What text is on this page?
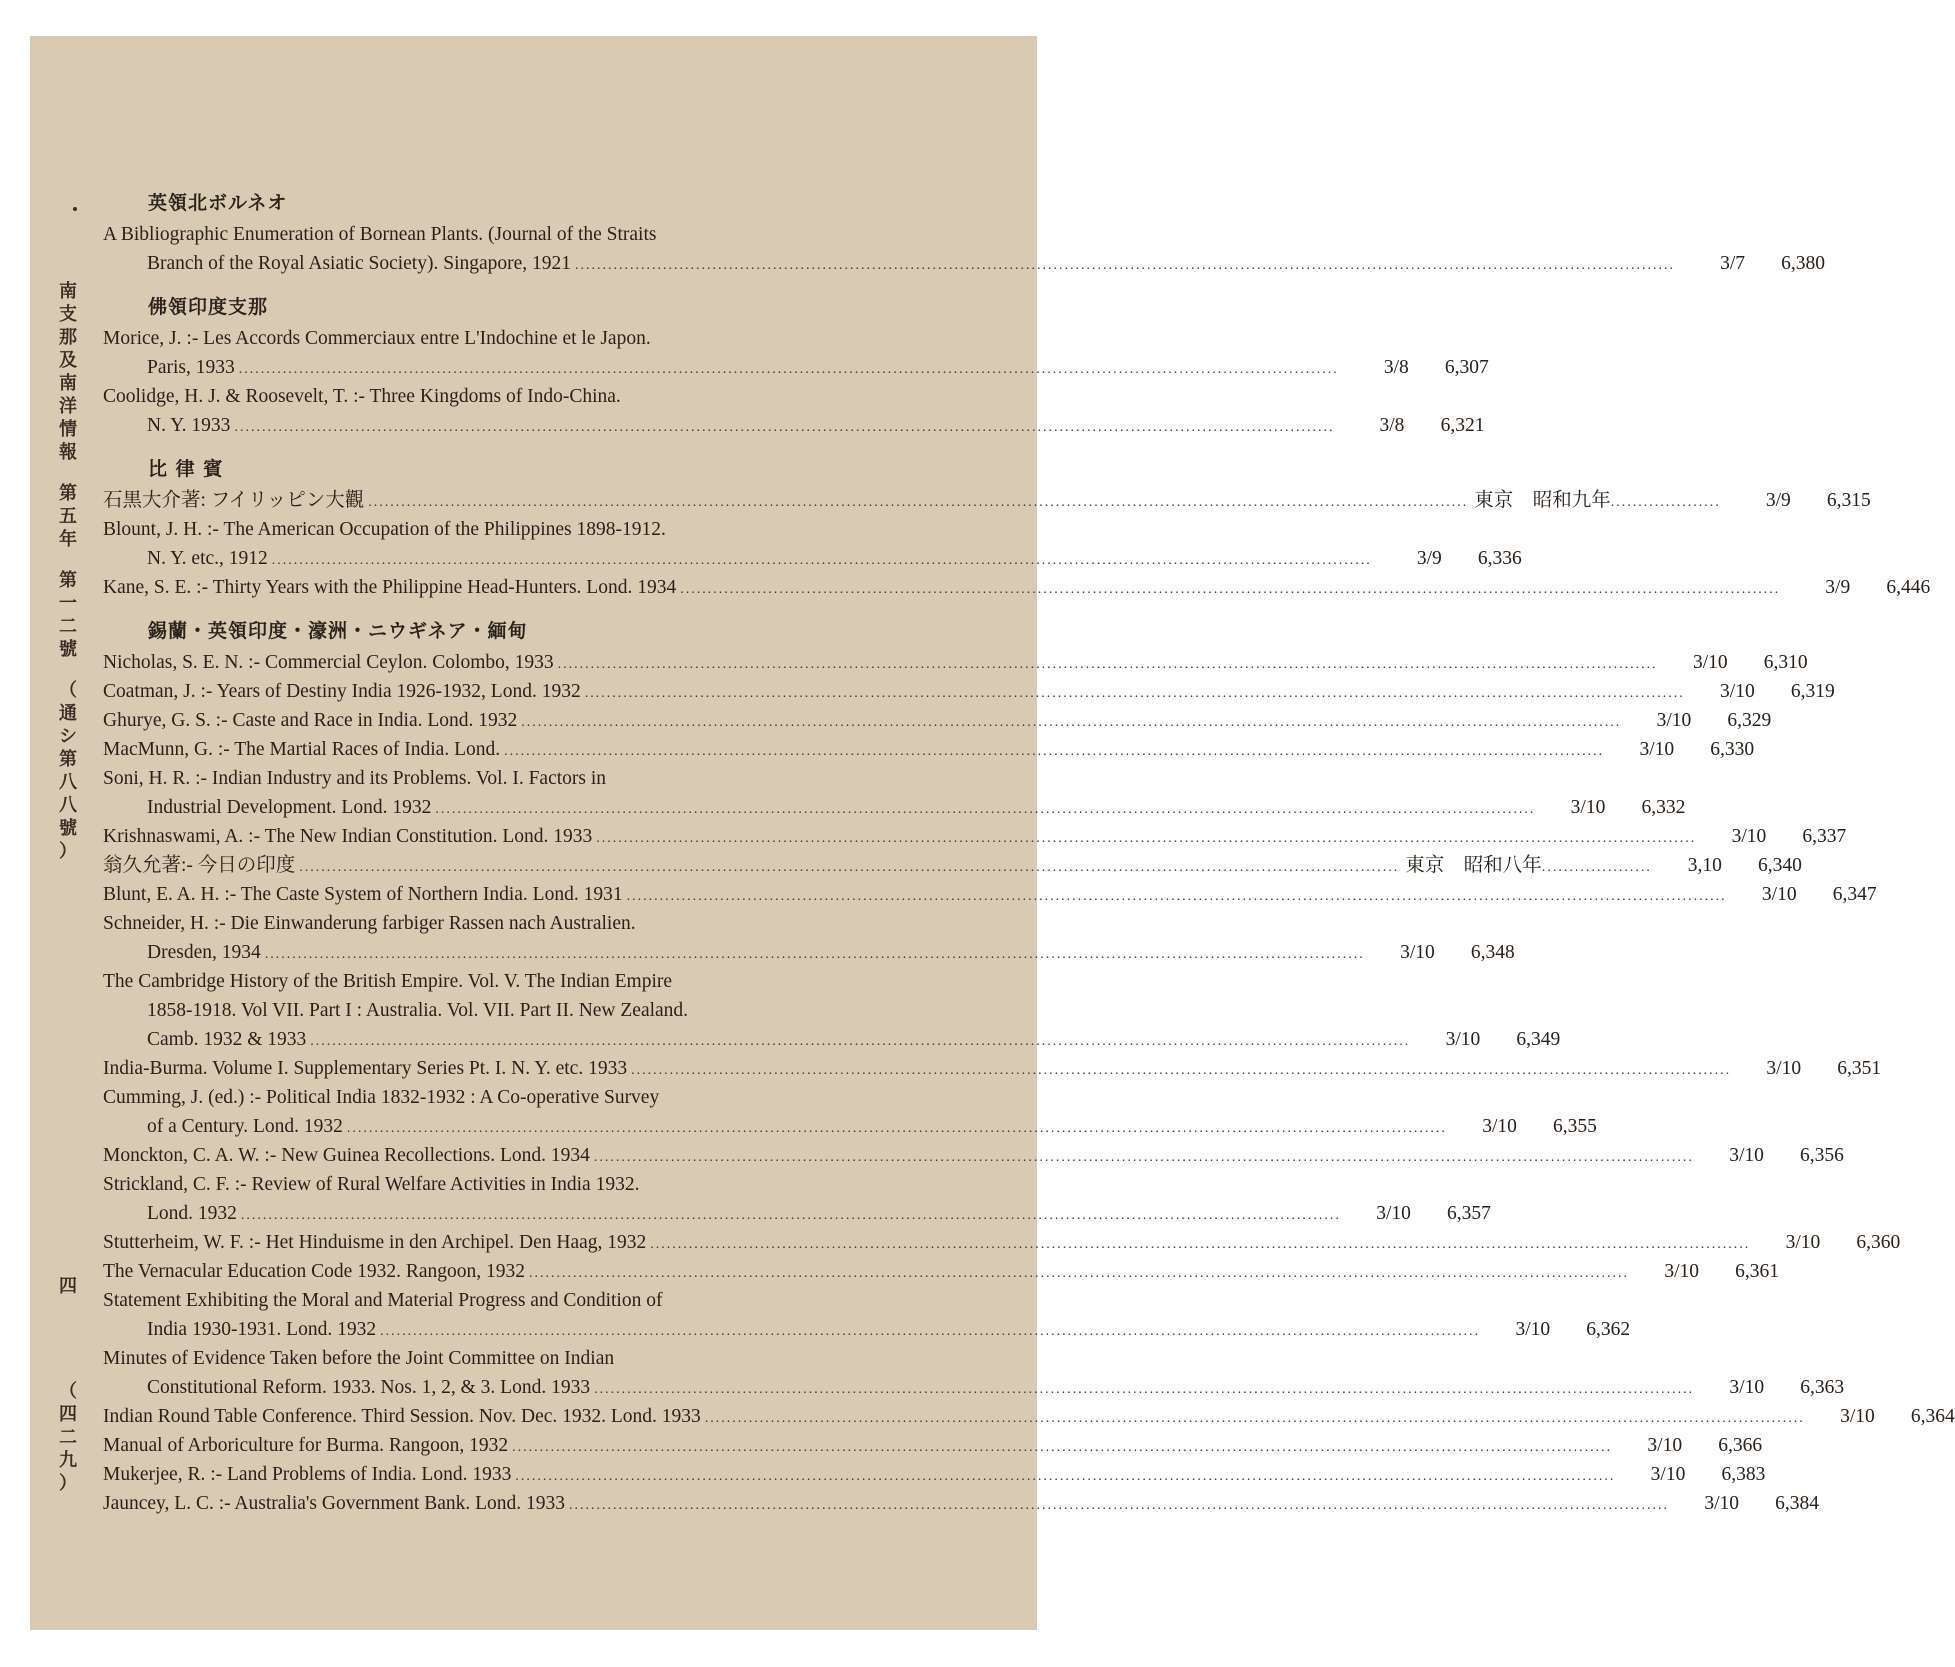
南
支
那
及
南
洋
情
報
第
五
年
第
一
二
號
（
通
シ
第
八
八
號
）
四
（
四
二
九
）
英領北ボルネオ
A Bibliographic Enumeration of Bornean Plants. (Journal of the Straits
Branch of the Royal Asiatic Society). Singapore, 1921 ........................................................................................................................................................................................................	3/7	6,380
佛領印度支那
Morice, J. :- Les Accords Commerciaux entre L'Indochine et le Japon.
Paris, 1933 ........................................................................................................................................................................................................	3/8	6,307
Coolidge, H. J. & Roosevelt, T. :- Three Kingdoms of Indo-China.
N. Y. 1933 ........................................................................................................................................................................................................	3/8	6,321
比 律 賓
石黒大介著: フイリッピン大觀 ........................................................................................................................................................................................................ 東京　昭和九年 ....................	3/9	6,315
Blount, J. H. :- The American Occupation of the Philippines 1898-1912.
N. Y. etc., 1912 ........................................................................................................................................................................................................	3/9	6,336
Kane, S. E. :- Thirty Years with the Philippine Head-Hunters. Lond. 1934 ........................................................................................................................................................................................................	3/9	6,446
錫蘭・英領印度・濠洲・ニウギネア・緬甸
Nicholas, S. E. N. :- Commercial Ceylon. Colombo, 1933 ........................................................................................................................................................................................................	3/10	6,310
Coatman, J. :- Years of Destiny India 1926-1932, Lond. 1932 ........................................................................................................................................................................................................	3/10	6,319
Ghurye, G. S. :- Caste and Race in India. Lond. 1932 ........................................................................................................................................................................................................	3/10	6,329
MacMunn, G. :- The Martial Races of India. Lond. ........................................................................................................................................................................................................	3/10	6,330
Soni, H. R. :- Indian Industry and its Problems. Vol. I. Factors in
Industrial Development. Lond. 1932 ........................................................................................................................................................................................................	3/10	6,332
Krishnaswami, A. :- The New Indian Constitution. Lond. 1933 ........................................................................................................................................................................................................	3/10	6,337
翁久允著:- 今日の印度 ........................................................................................................................................................................................................ 東京　昭和八年 ....................	3,10	6,340
Blunt, E. A. H. :- The Caste System of Northern India. Lond. 1931 ........................................................................................................................................................................................................	3/10	6,347
Schneider, H. :- Die Einwanderung farbiger Rassen nach Australien.
Dresden, 1934 ........................................................................................................................................................................................................	3/10	6,348
The Cambridge History of the British Empire. Vol. V. The Indian Empire
1858-1918. Vol VII. Part I : Australia. Vol. VII. Part II. New Zealand.
Camb. 1932 & 1933 ........................................................................................................................................................................................................	3/10	6,349
India-Burma. Volume I. Supplementary Series Pt. I. N. Y. etc. 1933 ........................................................................................................................................................................................................	3/10	6,351
Cumming, J. (ed.) :- Political India 1832-1932 : A Co-operative Survey
of a Century. Lond. 1932 ........................................................................................................................................................................................................	3/10	6,355
Monckton, C. A. W. :- New Guinea Recollections. Lond. 1934 ........................................................................................................................................................................................................	3/10	6,356
Strickland, C. F. :- Review of Rural Welfare Activities in India 1932.
Lond. 1932 ........................................................................................................................................................................................................	3/10	6,357
Stutterheim, W. F. :- Het Hinduisme in den Archipel. Den Haag, 1932 ........................................................................................................................................................................................................	3/10	6,360
The Vernacular Education Code 1932. Rangoon, 1932 ........................................................................................................................................................................................................	3/10	6,361
Statement Exhibiting the Moral and Material Progress and Condition of
India 1930-1931. Lond. 1932 ........................................................................................................................................................................................................	3/10	6,362
Minutes of Evidence Taken before the Joint Committee on Indian
Constitutional Reform. 1933. Nos. 1, 2, & 3. Lond. 1933 ........................................................................................................................................................................................................	3/10	6,363
Indian Round Table Conference. Third Session. Nov. Dec. 1932. Lond. 1933 ........................................................................................................................................................................................................	3/10	6,364
Manual of Arboriculture for Burma. Rangoon, 1932 ........................................................................................................................................................................................................	3/10	6,366
Mukerjee, R. :- Land Problems of India. Lond. 1933 ........................................................................................................................................................................................................	3/10	6,383
Jauncey, L. C. :- Australia's Government Bank. Lond. 1933 ........................................................................................................................................................................................................	3/10	6,384
